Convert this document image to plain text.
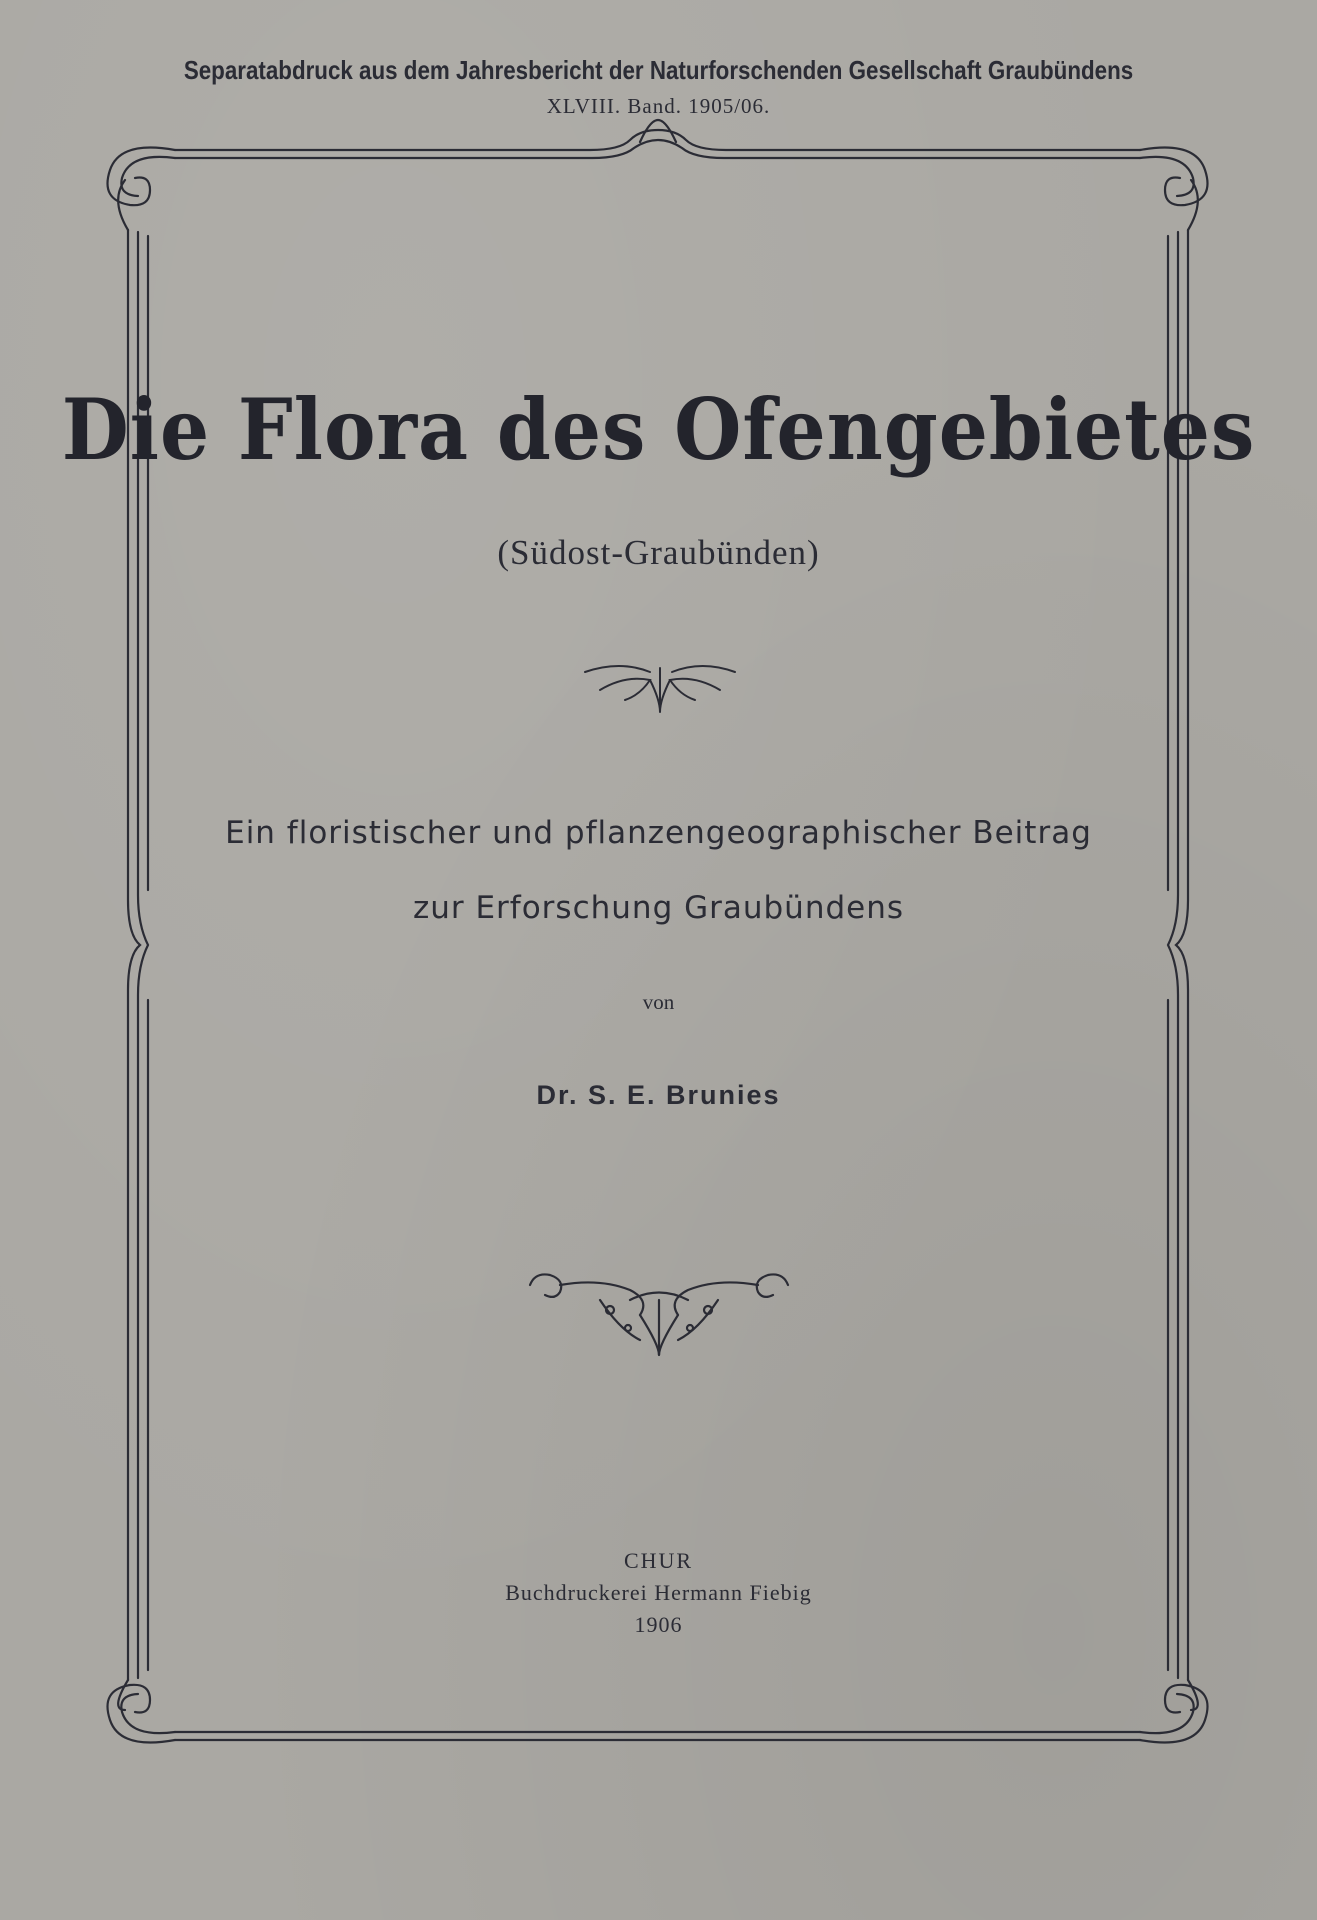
Separatabdruck aus dem Jahresbericht der Naturforschenden Gesellschaft Graubündens
XLVIII. Band. 1905/06.
Die Flora des Ofengebietes
(Südost-Graubünden)
Ein floristischer und pflanzengeographischer Beitrag
zur Erforschung Graubündens
von
Dr. S. E. Brunies
CHUR
Buchdruckerei Hermann Fiebig
1906
